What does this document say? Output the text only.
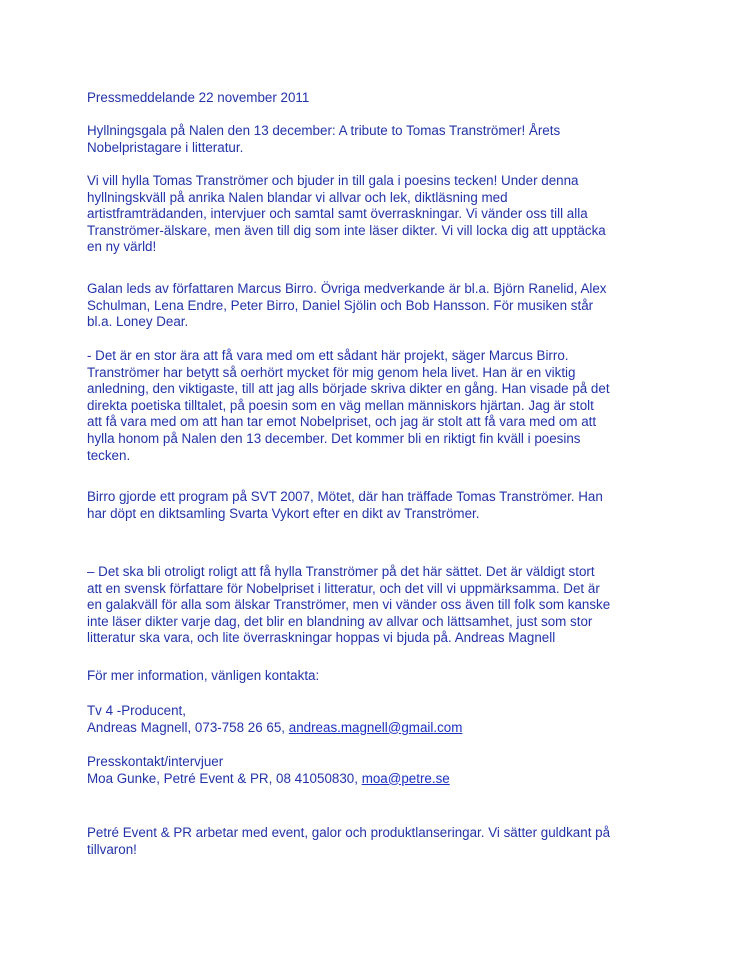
Pressmeddelande 22 november 2011

Hyllningsgala på Nalen den 13 december: A tribute to Tomas Tranströmer! Årets
Nobelpristagare i litteratur.

Vi vill hylla Tomas Tranströmer och bjuder in till gala i poesins tecken! Under denna
hyllningskväll på anrika Nalen blandar vi allvar och lek, diktläsning med
artistframträdanden, intervjuer och samtal samt överraskningar. Vi vänder oss till alla
Tranströmer-älskare, men även till dig som inte läser dikter. Vi vill locka dig att upptäcka
en ny värld!

Galan leds av författaren Marcus Birro. Övriga medverkande är bl.a. Björn Ranelid, Alex
Schulman, Lena Endre, Peter Birro, Daniel Sjölin och Bob Hansson. För musiken står
bl.a. Loney Dear.

- Det är en stor ära att få vara med om ett sådant här projekt, säger Marcus Birro.
Tranströmer har betytt så oerhört mycket för mig genom hela livet. Han är en viktig
anledning, den viktigaste, till att jag alls började skriva dikter en gång. Han visade på det
direkta poetiska tilltalet, på poesin som en väg mellan människors hjärtan. Jag är stolt
att få vara med om att han tar emot Nobelpriset, och jag är stolt att få vara med om att
hylla honom på Nalen den 13 december. Det kommer bli en riktigt fin kväll i poesins
tecken.

Birro gjorde ett program på SVT 2007, Mötet, där han träffade Tomas Tranströmer. Han
har döpt en diktsamling Svarta Vykort efter en dikt av Tranströmer.

– Det ska bli otroligt roligt att få hylla Tranströmer på det här sättet. Det är väldigt stort
att en svensk författare för Nobelpriset i litteratur, och det vill vi uppmärksamma. Det är
en galakväll för alla som älskar Tranströmer, men vi vänder oss även till folk som kanske
inte läser dikter varje dag, det blir en blandning av allvar och lättsamhet, just som stor
litteratur ska vara, och lite överraskningar hoppas vi bjuda på. Andreas Magnell

För mer information, vänligen kontakta:

Tv 4 -Producent,
Andreas Magnell, 073-758 26 65, andreas.magnell@gmail.com

Presskontakt/intervjuer
Moa Gunke, Petré Event & PR, 08 41050830, moa@petre.se

Petré Event & PR arbetar med event, galor och produktlanseringar. Vi sätter guldkant på
tillvaron!
